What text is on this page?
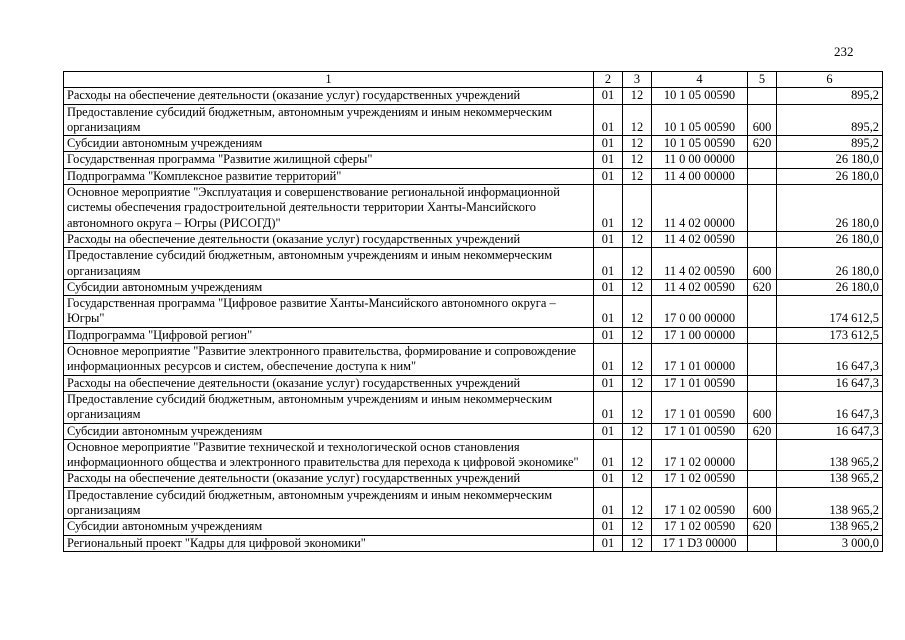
232
1	2	3	4	5	6
Расходы на обеспечение деятельности (оказание услуг) государственных учреждений	01	12	10 1 05 00590		895,2
Предоставление субсидий бюджетным, автономным учреждениям и иным некоммерческим организациям	01	12	10 1 05 00590	600	895,2
Субсидии автономным учреждениям	01	12	10 1 05 00590	620	895,2
Государственная программа "Развитие жилищной сферы"	01	12	11 0 00 00000		26 180,0
Подпрограмма "Комплексное развитие территорий"	01	12	11 4 00 00000		26 180,0
Основное мероприятие "Эксплуатация и совершенствование региональной информационной системы обеспечения градостроительной деятельности территории Ханты-Мансийского автономного округа – Югры (РИСОГД)"	01	12	11 4 02 00000		26 180,0
Расходы на обеспечение деятельности (оказание услуг) государственных учреждений	01	12	11 4 02 00590		26 180,0
Предоставление субсидий бюджетным, автономным учреждениям и иным некоммерческим организациям	01	12	11 4 02 00590	600	26 180,0
Субсидии автономным учреждениям	01	12	11 4 02 00590	620	26 180,0
Государственная программа "Цифровое развитие Ханты-Мансийского автономного округа – Югры"	01	12	17 0 00 00000		174 612,5
Подпрограмма "Цифровой регион"	01	12	17 1 00 00000		173 612,5
Основное мероприятие "Развитие электронного правительства, формирование и сопровождение информационных ресурсов и систем, обеспечение доступа к ним"	01	12	17 1 01 00000		16 647,3
Расходы на обеспечение деятельности (оказание услуг) государственных учреждений	01	12	17 1 01 00590		16 647,3
Предоставление субсидий бюджетным, автономным учреждениям и иным некоммерческим организациям	01	12	17 1 01 00590	600	16 647,3
Субсидии автономным учреждениям	01	12	17 1 01 00590	620	16 647,3
Основное мероприятие "Развитие технической и технологической основ становления информационного общества и электронного правительства для перехода к цифровой экономике"	01	12	17 1 02 00000		138 965,2
Расходы на обеспечение деятельности (оказание услуг) государственных учреждений	01	12	17 1 02 00590		138 965,2
Предоставление субсидий бюджетным, автономным учреждениям и иным некоммерческим организациям	01	12	17 1 02 00590	600	138 965,2
Субсидии автономным учреждениям	01	12	17 1 02 00590	620	138 965,2
Региональный проект "Кадры для цифровой экономики"	01	12	17 1 D3 00000		3 000,0
